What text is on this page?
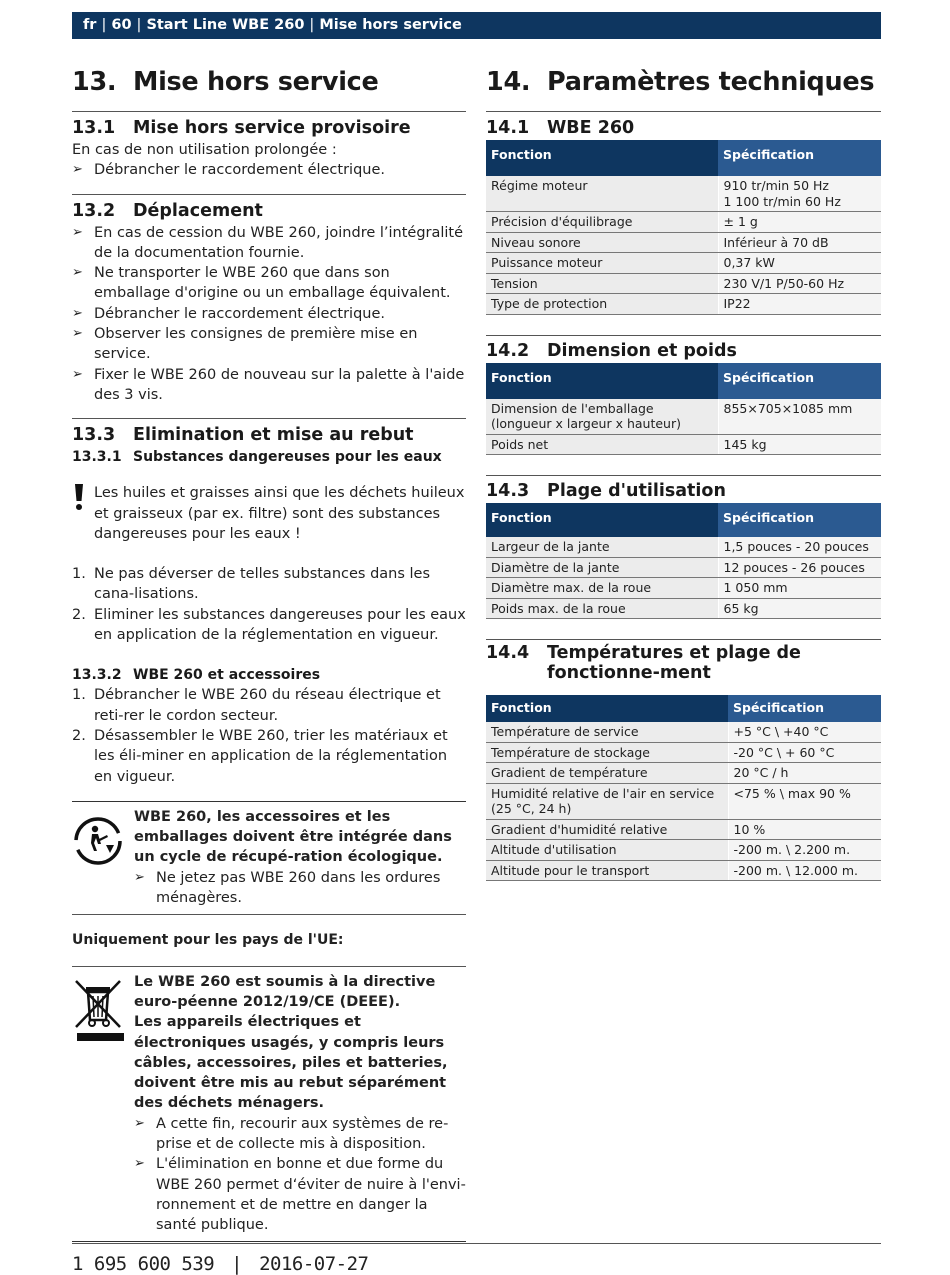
fr | 60 | Start Line WBE 260 | Mise hors service
13. Mise hors service
13.1	Mise hors service provisoire
En cas de non utilisation prolongée :
➢ Débrancher le raccordement électrique.
13.2	Déplacement
➢ En cas de cession du WBE 260, joindre l’intégralité de la documentation fournie.
➢ Ne transporter le WBE 260 que dans son emballage d'origine ou un emballage équivalent.
➢ Débrancher le raccordement électrique.
➢ Observer les consignes de première mise en service.
➢ Fixer le WBE 260 de nouveau sur la palette à l'aide des 3 vis.
13.3	Elimination et mise au rebut
13.3.1 Substances dangereuses pour les eaux
Les huiles et graisses ainsi que les déchets huileux et graisseux (par ex. filtre) sont des substances dangereuses pour les eaux !
1. Ne pas déverser de telles substances dans les cana-lisations.
2. Eliminer les substances dangereuses pour les eaux en application de la réglementation en vigueur.
13.3.2 WBE 260 et accessoires
1. Débrancher le WBE 260 du réseau électrique et reti-rer le cordon secteur.
2. Désassembler le WBE 260, trier les matériaux et les éli-miner en application de la réglementation en vigueur.
WBE 260, les accessoires et les emballages doivent être intégrée dans un cycle de récupé-ration écologique.
➢ Ne jetez pas WBE 260 dans les ordures ménagères.
Uniquement pour les pays de l'UE:
Le WBE 260 est soumis à la directive euro-péenne 2012/19/CE (DEEE).
Les appareils électriques et électroniques usagés, y compris leurs câbles, accessoires, piles et batteries, doivent être mis au rebut séparément des déchets ménagers.
➢ A cette fin, recourir aux systèmes de re-prise et de collecte mis à disposition.
➢ L'élimination en bonne et due forme du WBE 260 permet d‘éviter de nuire à l'envi-ronnement et de mettre en danger la santé publique.
14. Paramètres techniques
14.1	WBE 260
Fonction	Spécification
Régime moteur	910 tr/min 50 Hz
1 100 tr/min 60 Hz
Précision d'équilibrage	± 1 g
Niveau sonore	Inférieur à 70 dB
Puissance moteur	0,37 kW
Tension	230 V/1 P/50-60 Hz
Type de protection	IP22
14.2	Dimension et poids
Fonction	Spécification
Dimension de l'emballage
(longueur x largeur x hauteur)	855×705×1085 mm
Poids net	145 kg
14.3	Plage d'utilisation
Fonction	Spécification
Largeur de la jante	1,5 pouces - 20 pouces
Diamètre de la jante	12 pouces - 26 pouces
Diamètre max. de la roue	1 050 mm
Poids max. de la roue	65 kg
14.4	Températures et plage de fonctionne-ment
Fonction	Spécification
Température de service	+5 °C \ +40 °C
Température de stockage	-20 °C \ + 60 °C
Gradient de température	20 °C / h
Humidité relative de l'air en service
(25 °C, 24 h)	<75 % \ max 90 %
Gradient d'humidité relative	10 %
Altitude d'utilisation	-200 m. \ 2.200 m.
Altitude pour le transport	-200 m. \ 12.000 m.
1 695 600 539 | 2016-07-27
